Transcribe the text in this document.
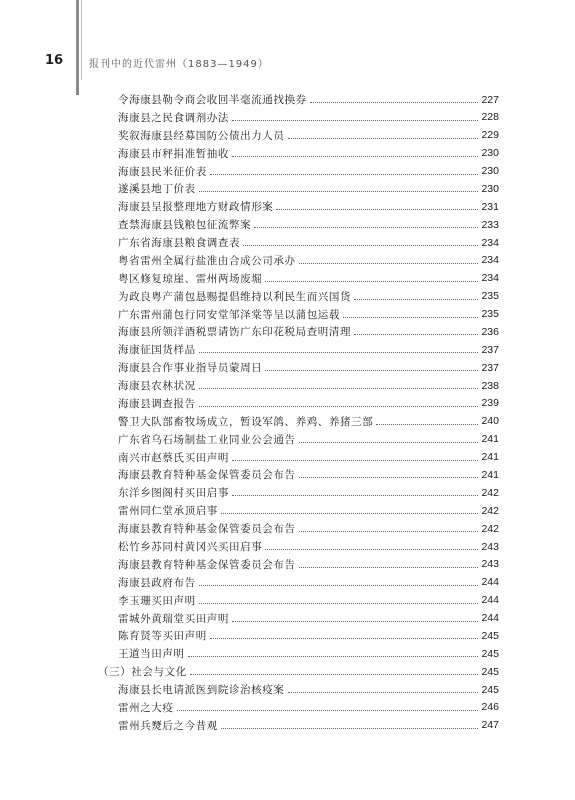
16	报刊中的近代雷州（1883—1949）
令海康县勒令商会收回半毫流通找换券	227
海康县之民食调剂办法	228
奖叙海康县经募国防公债出力人员	229
海康县市秤捐准暂抽收	230
海康县民米征价表	230
遂溪县地丁价表	230
海康县呈报整理地方财政情形案	231
查禁海康县钱粮包征流弊案	233
广东省海康县粮食调查表	234
粤省雷州全属行盐准由合成公司承办	234
粤区修复琼崖、雷州两场废堀	234
为政良粤产蒲包恳赐提倡维持以利民生而兴国货	235
广东雷州蒲包行同安堂邹泽棠等呈以蒲包运载	235
海康县所领洋酒税票请饬广东印花税局查明清理	236
海康征国货样品	237
海康县合作事业指导员蒙周日	237
海康县农林状况	238
海康县调查报告	239
警卫大队部畜牧场成立，暂设军鸽、养鸡、养猪三部	240
广东省乌石场制盐工业同业公会通告	241
南兴市赵蔡氏买田声明	241
海康县教育特种基金保管委员会布告	241
东洋乡图阁村买田启事	242
雷州同仁堂承顶启事	242
海康县教育特种基金保管委员会布告	242
松竹乡苏同村黄冈兴买田启事	243
海康县教育特种基金保管委员会布告	243
海康县政府布告	244
李玉珊买田声明	244
雷城外黄瑞堂买田声明	244
陈育贤等买田声明	245
王道当田声明	245
（三）社会与文化	245
海康县长电请派医到院诊治核疫案	245
雷州之大疫	246
雷州兵燹后之今昔观	247
